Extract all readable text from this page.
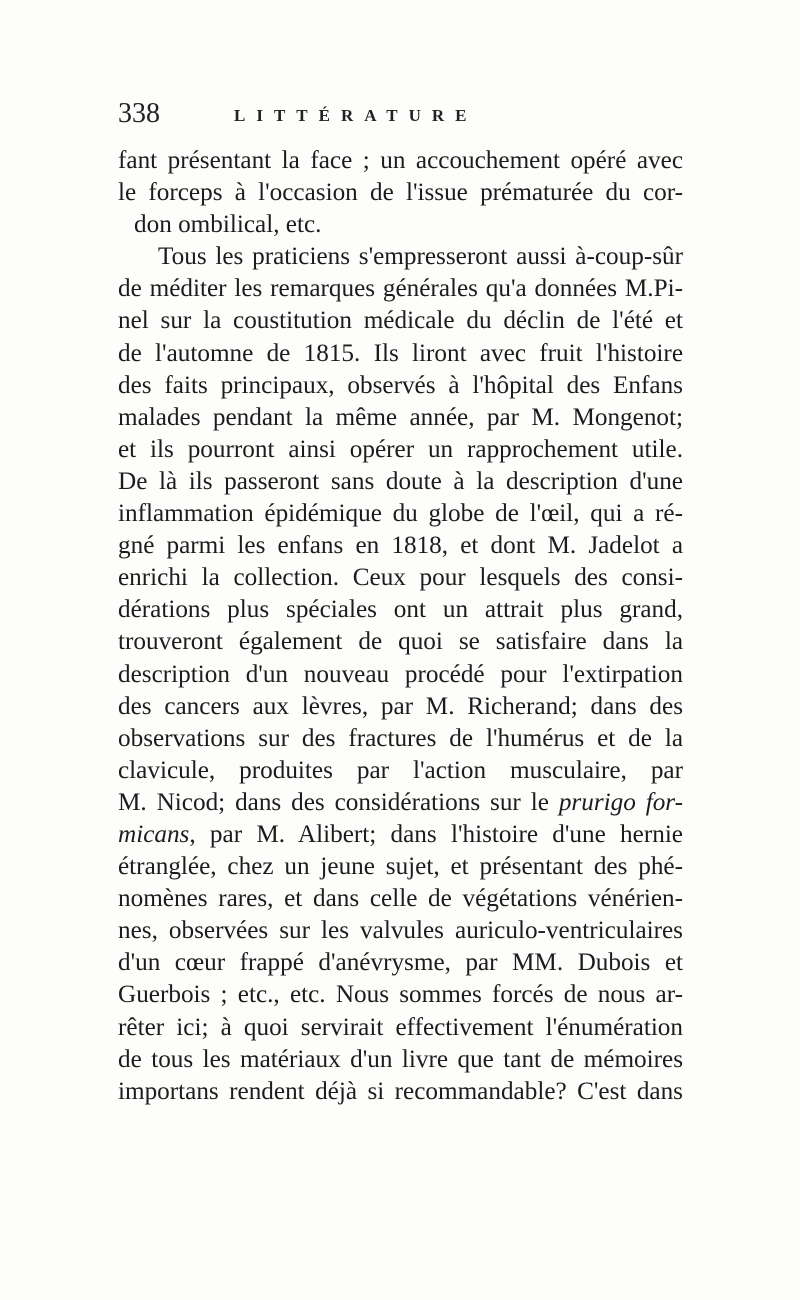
338	LITTÉRATURE
fant présentant la face ; un accouchement opéré avec
le forceps à l'occasion de l'issue prématurée du cor-
don ombilical, etc.
Tous les praticiens s'empresseront aussi à-coup-sûr
de méditer les remarques générales qu'a données M.Pi-
nel sur la coustitution médicale du déclin de l'été et
de l'automne de 1815. Ils liront avec fruit l'histoire
des faits principaux, observés à l'hôpital des Enfans
malades pendant la même année, par M. Mongenot;
et ils pourront ainsi opérer un rapprochement utile.
De là ils passeront sans doute à la description d'une
inflammation épidémique du globe de l'œil, qui a ré-
gné parmi les enfans en 1818, et dont M. Jadelot a
enrichi la collection. Ceux pour lesquels des consi-
dérations plus spéciales ont un attrait plus grand,
trouveront également de quoi se satisfaire dans la
description d'un nouveau procédé pour l'extirpation
des cancers aux lèvres, par M. Richerand; dans des
observations sur des fractures de l'humérus et de la
clavicule, produites par l'action musculaire, par
M. Nicod; dans des considérations sur le prurigo for-
micans, par M. Alibert; dans l'histoire d'une hernie
étranglée, chez un jeune sujet, et présentant des phé-
nomènes rares, et dans celle de végétations vénérien-
nes, observées sur les valvules auriculo-ventriculaires
d'un cœur frappé d'anévrysme, par MM. Dubois et
Guerbois ; etc., etc. Nous sommes forcés de nous ar-
rêter ici; à quoi servirait effectivement l'énumération
de tous les matériaux d'un livre que tant de mémoires
importans rendent déjà si recommandable? C'est dans
